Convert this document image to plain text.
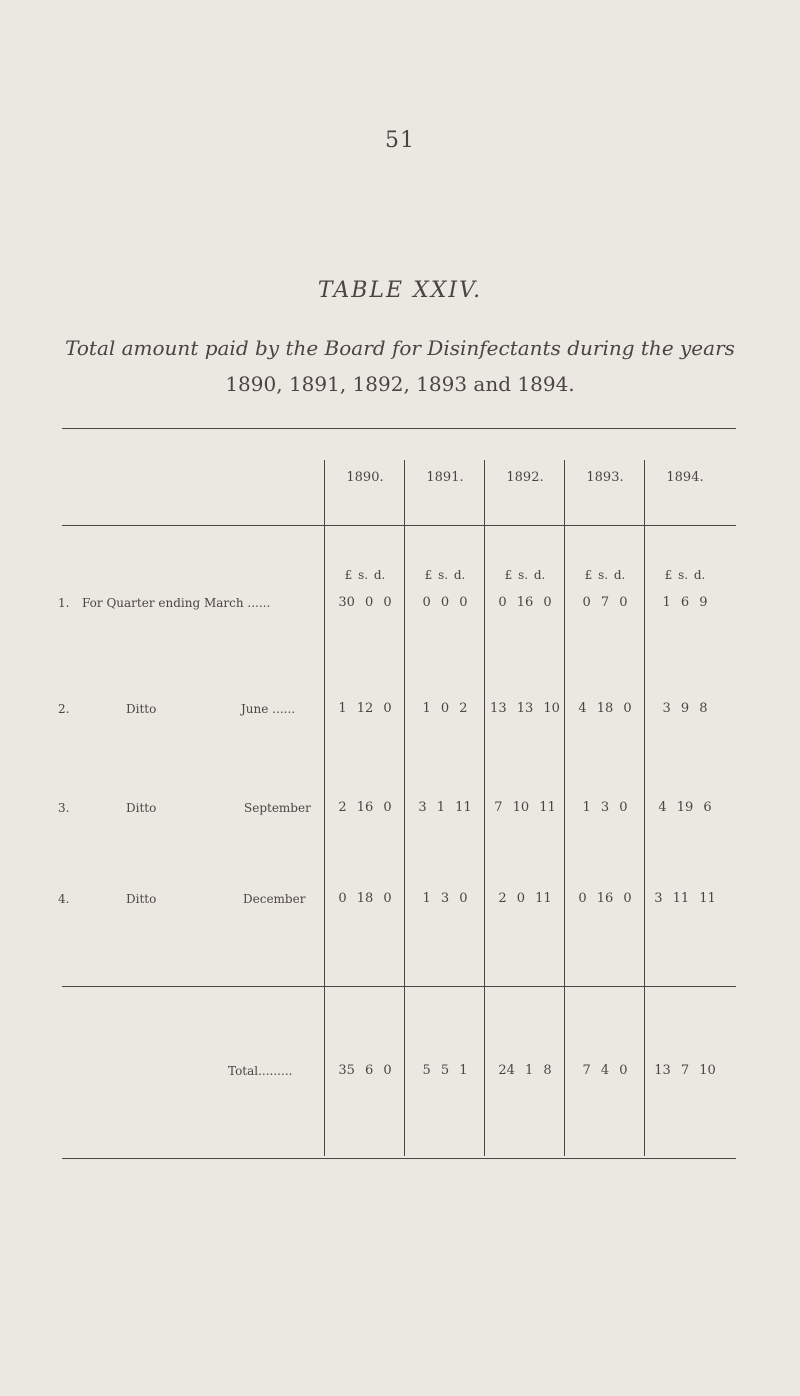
51
TABLE XXIV.
Total amount paid by the Board for Disinfectants during the years 1890, 1891, 1892, 1893 and 1894.
1890.	1891.	1892.	1893.	1894.
£ s. d.	£ s. d.	£ s. d.	£ s. d.	£ s. d.
1. For Quarter ending March ......	30 0 0	0 0 0	0 16 0	0 7 0	1 6 9
2.	Ditto	June ......	1 12 0	1 0 2	13 13 10	4 18 0	3 9 8
3.	Ditto	September	2 16 0	3 1 11	7 10 11	1 3 0	4 19 6
4.	Ditto	December	0 18 0	1 3 0	2 0 11	0 16 0	3 11 11
Total.........	35 6 0	5 5 1	24 1 8	7 4 0	13 7 10
